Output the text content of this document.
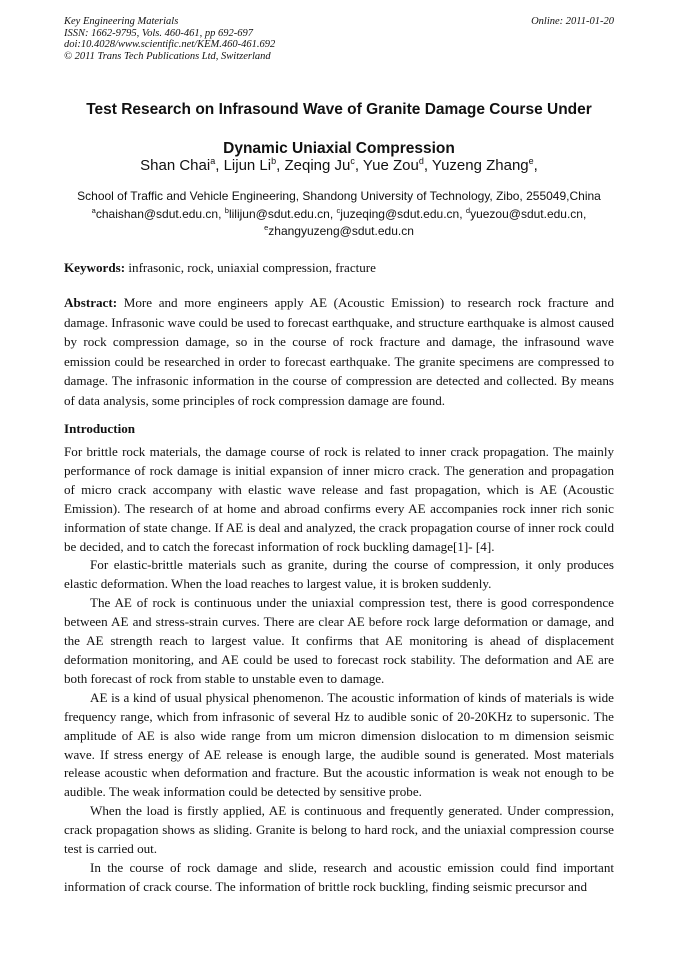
Key Engineering Materials
ISSN: 1662-9795, Vols. 460-461, pp 692-697
doi:10.4028/www.scientific.net/KEM.460-461.692
© 2011 Trans Tech Publications Ltd, Switzerland
Online: 2011-01-20
Test Research on Infrasound Wave of Granite Damage Course Under
Dynamic Uniaxial Compression
Shan Chai$^a$, Lijun Li$^b$, Zeqing Ju$^c$, Yue Zou$^d$, Yuzeng Zhang$^e$,
School of Traffic and Vehicle Engineering, Shandong University of Technology, Zibo, 255049,China
$^a$chaishan@sdut.edu.cn, $^b$lilijun@sdut.edu.cn, $^c$juzeqing@sdut.edu.cn, $^d$yuezou@sdut.edu.cn,
$^e$zhangyuzeng@sdut.edu.cn
Keywords: infrasonic, rock, uniaxial compression, fracture
Abstract: More and more engineers apply AE (Acoustic Emission) to research rock fracture and damage. Infrasonic wave could be used to forecast earthquake, and structure earthquake is almost caused by rock compression damage, so in the course of rock fracture and damage, the infrasound wave emission could be researched in order to forecast earthquake. The granite specimens are compressed to damage. The infrasonic information in the course of compression are detected and collected. By means of data analysis, some principles of rock compression damage are found.
Introduction

For brittle rock materials, the damage course of rock is related to inner crack propagation. The mainly performance of rock damage is initial expansion of inner micro crack. The generation and propagation of micro crack accompany with elastic wave release and fast propagation, which is AE (Acoustic Emission). The research of at home and abroad confirms every AE accompanies rock inner rich sonic information of state change. If AE is deal and analyzed, the crack propagation course of inner rock could be decided, and to catch the forecast information of rock buckling damage[1]- [4].

For elastic-brittle materials such as granite, during the course of compression, it only produces elastic deformation. When the load reaches to largest value, it is broken suddenly.

The AE of rock is continuous under the uniaxial compression test, there is good correspondence between AE and stress-strain curves. There are clear AE before rock large deformation or damage, and the AE strength reach to largest value. It confirms that AE monitoring is ahead of displacement deformation monitoring, and AE could be used to forecast rock stability. The deformation and AE are both forecast of rock from stable to unstable even to damage.

AE is a kind of usual physical phenomenon. The acoustic information of kinds of materials is wide frequency range, which from infrasonic of several Hz to audible sonic of 20-20KHz to supersonic. The amplitude of AE is also wide range from um micron dimension dislocation to m dimension seismic wave. If stress energy of AE release is enough large, the audible sound is generated. Most materials release acoustic when deformation and fracture. But the acoustic information is weak not enough to be audible. The weak information could be detected by sensitive probe.

When the load is firstly applied, AE is continuous and frequently generated. Under compression, crack propagation shows as sliding. Granite is belong to hard rock, and the uniaxial compression course test is carried out.

In the course of rock damage and slide, research and acoustic emission could find important information of crack course. The information of brittle rock buckling, finding seismic precursor and
